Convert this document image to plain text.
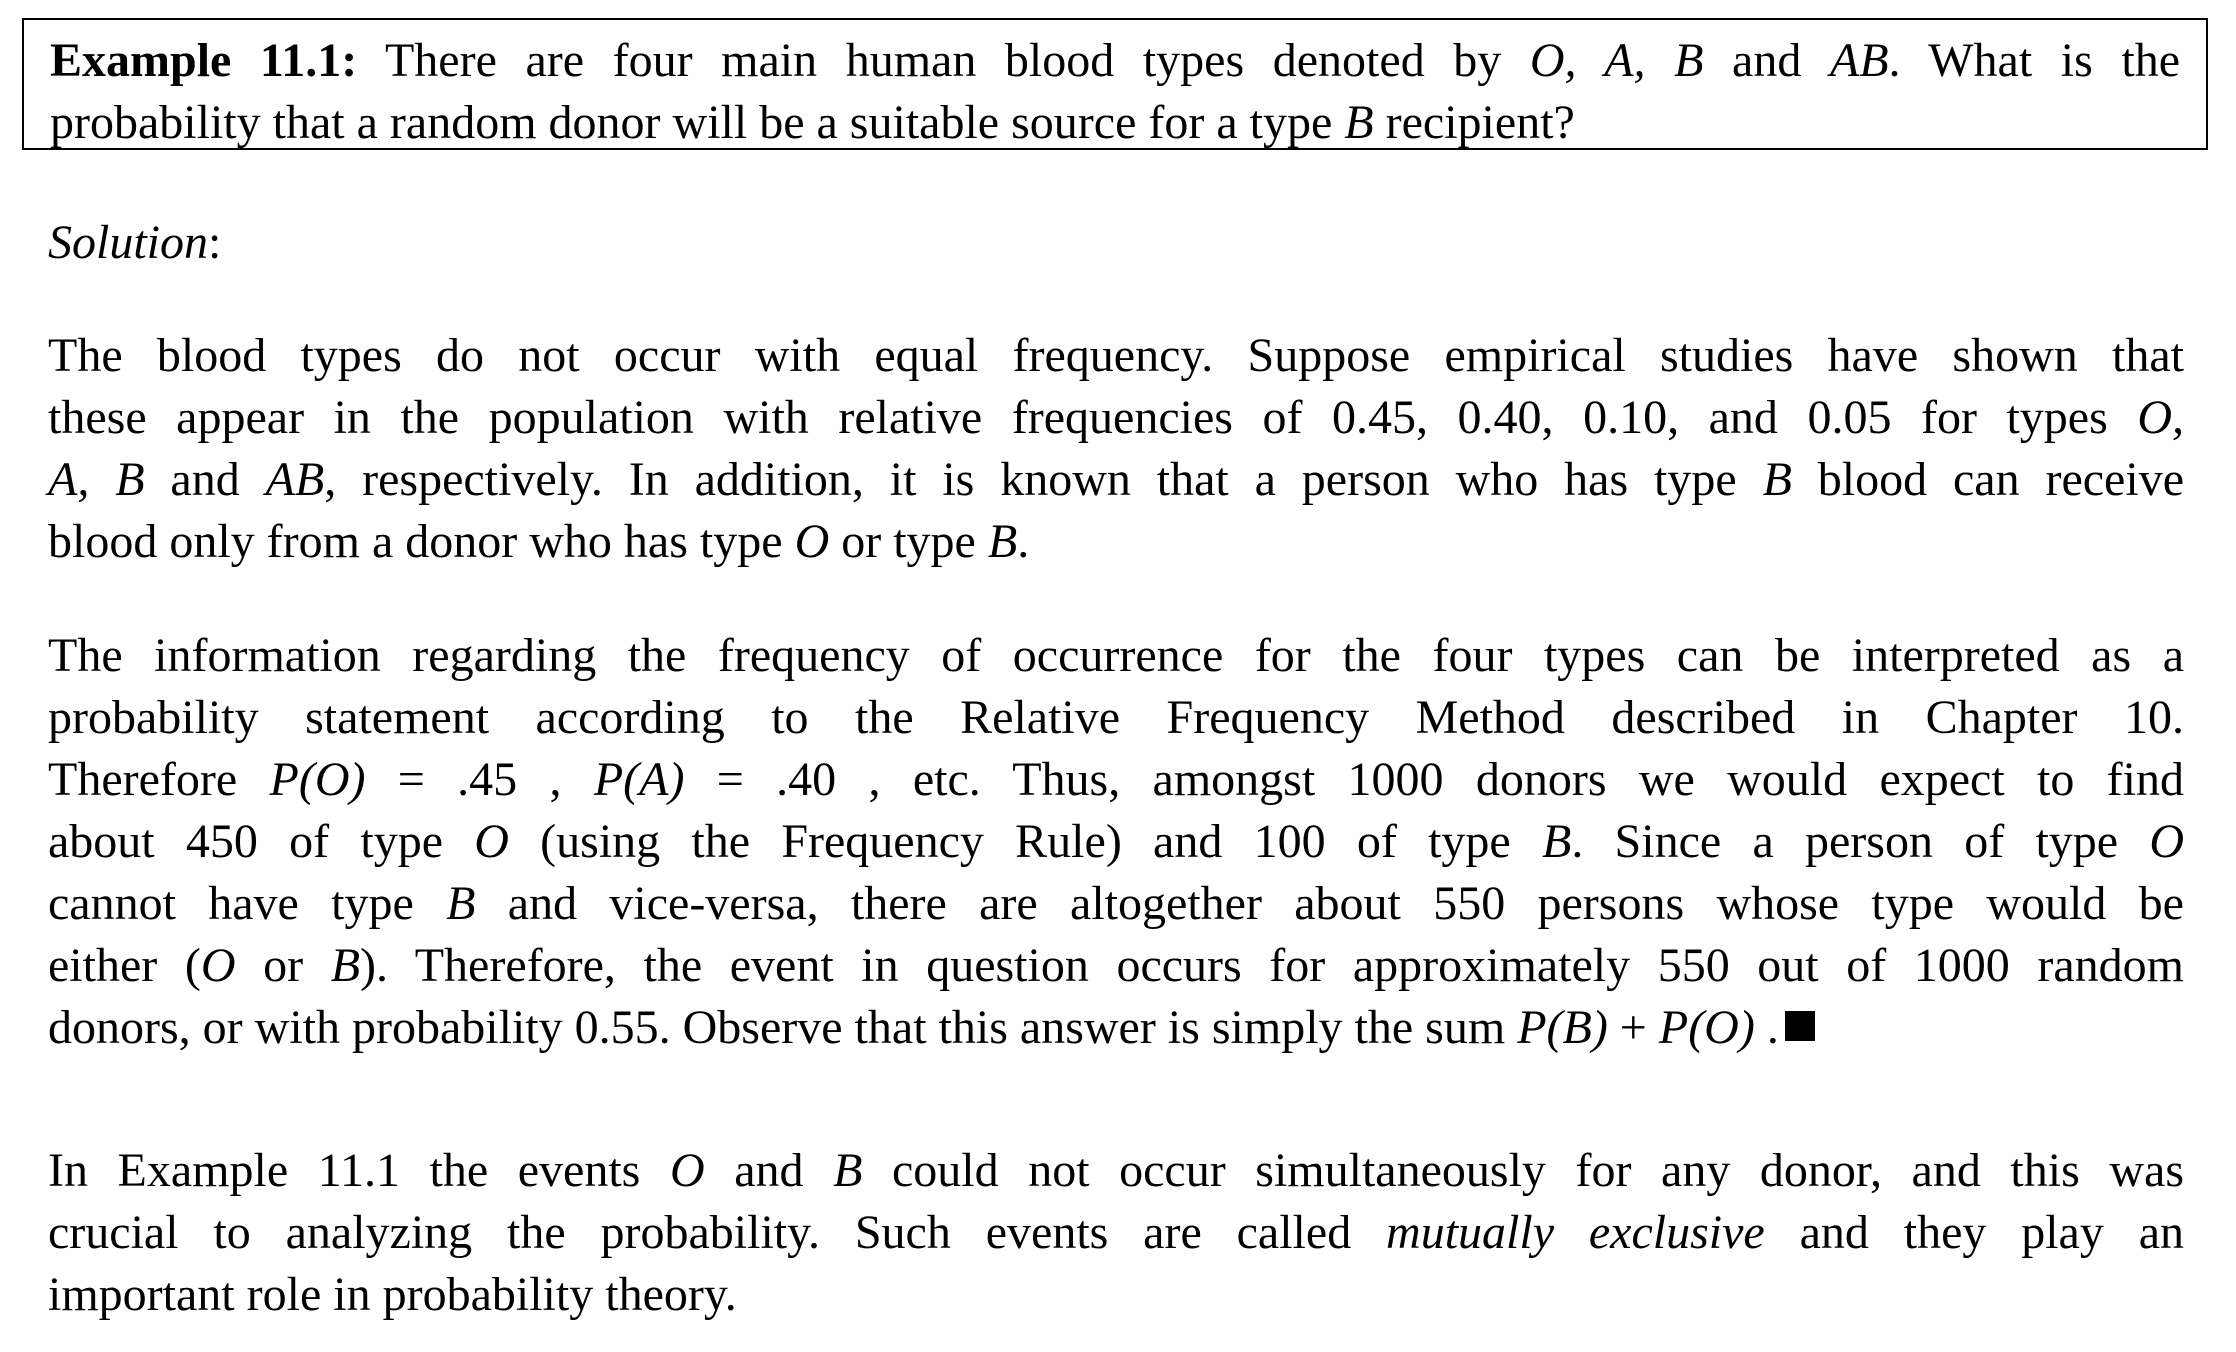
Example 11.1: There are four main human blood types denoted by O, A, B and AB. What is the
probability that a random donor will be a suitable source for a type B recipient?
Solution:
The blood types do not occur with equal frequency. Suppose empirical studies have shown that
these appear in the population with relative frequencies of 0.45, 0.40, 0.10, and 0.05 for types O,
A, B and AB, respectively. In addition, it is known that a person who has type B blood can receive
blood only from a donor who has type O or type B.
The information regarding the frequency of occurrence for the four types can be interpreted as a
probability statement according to the Relative Frequency Method described in Chapter 10.
Therefore P(O) = .45 , P(A) = .40 , etc. Thus, amongst 1000 donors we would expect to find
about 450 of type O (using the Frequency Rule) and 100 of type B. Since a person of type O
cannot have type B and vice-versa, there are altogether about 550 persons whose type would be
either (O or B). Therefore, the event in question occurs for approximately 550 out of 1000 random
donors, or with probability 0.55. Observe that this answer is simply the sum P(B) + P(O) .
In Example 11.1 the events O and B could not occur simultaneously for any donor, and this was
crucial to analyzing the probability. Such events are called mutually exclusive and they play an
important role in probability theory.
